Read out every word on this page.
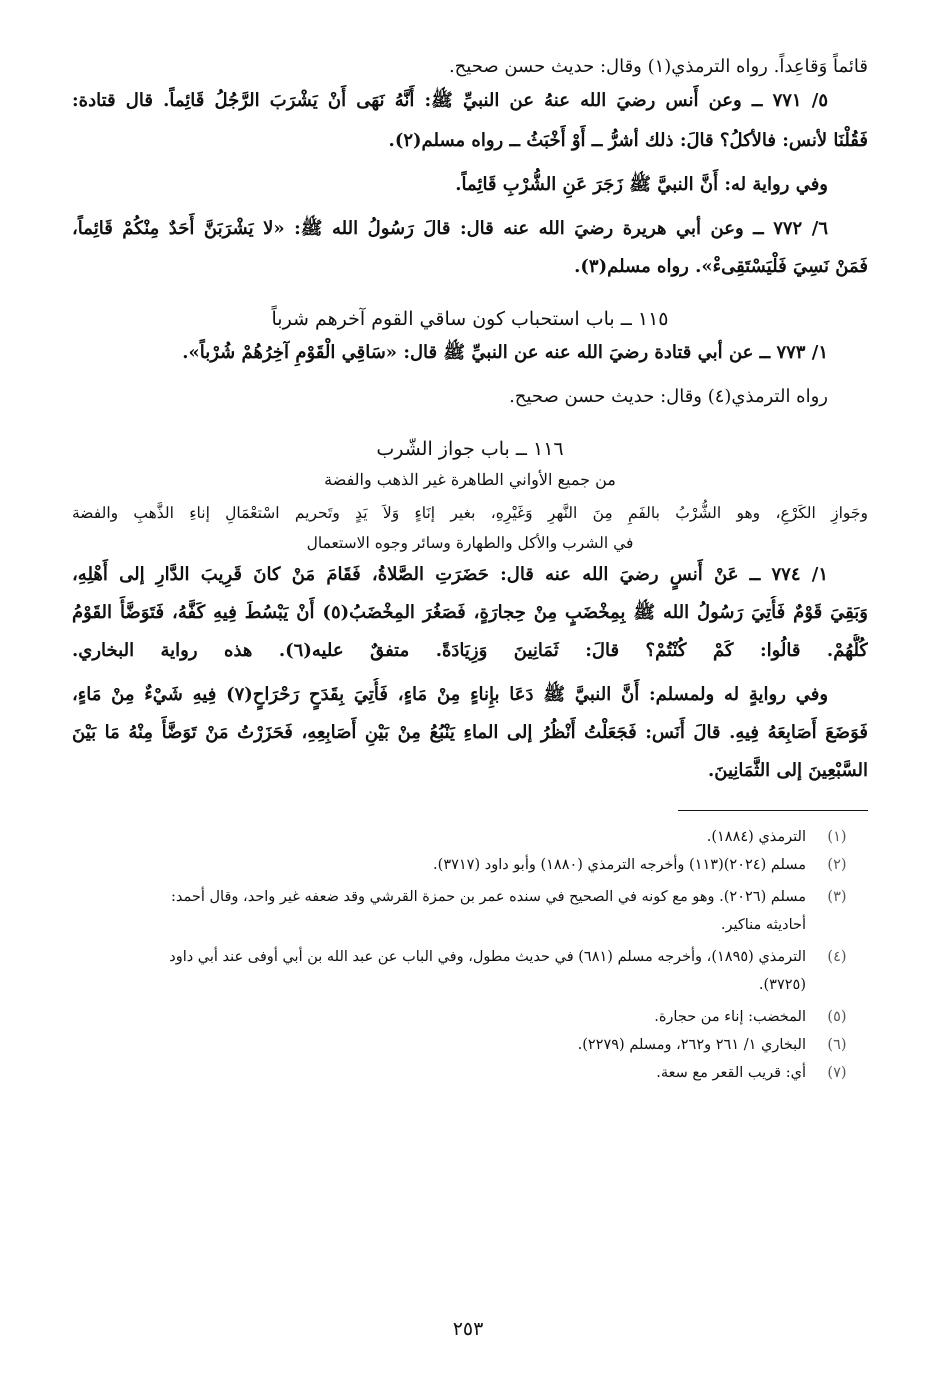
قائماً وَقاعِداً. رواه الترمذي(١) وقال: حديث حسن صحيح.

٥/ ٧٧١ ــ وعن أَنس رضيَ الله عنهُ عن النبيِّ ﷺ: أَنَّهُ نَهَى أَنْ يَشْرَبَ الرَّجُلُ قَائِماً. قال قتادة:

فَقُلْنَا لأنس: فالأكلُ؟ قالَ: ذلك أشرُّ ــ أَوْ أَخْبَثُ ــ رواه مسلم(٢).

وفي رواية له: أَنَّ النبيَّ ﷺ زَجَرَ عَنِ الشُّرْبِ قَائِماً.

٦/ ٧٧٢ ــ وعن أبي هريرة رضيَ الله عنه قال: قالَ رَسُولُ الله ﷺ: «لا يَشْرَبَنَّ أَحَدٌ مِنْكُمْ قَائِماً،

فَمَنْ نَسِيَ فَلْيَسْتَقِىءْ». رواه مسلم(٣).

١١٥ ــ باب استحباب كون ساقي القوم آخرهم شرباً

١/ ٧٧٣ ــ عن أبي قتادة رضيَ الله عنه عن النبيِّ ﷺ قال: «سَاقِي الْقَوْمِ آخِرُهُمْ شُرْباً».

رواه الترمذي(٤) وقال: حديث حسن صحيح.

١١٦ ــ باب جواز الشّرب

من جميع الأواني الطاهرة غير الذهب والفضة

وجَوازِ الكَرْعِ، وهو الشُّرْبُ بالفَمِ مِنَ النَّهرِ وَغَيْرِهِ، بغير إنَاءٍ وَلاَ يَدٍ وتَحريم اسْتعْمَالِ إناءِ الذَّهبِ والفضة

في الشرب والأكل والطهارة وسائر وجوه الاستعمال

١/ ٧٧٤ ــ عَنْ أَنسٍ رضيَ الله عنه قال: حَضَرَتِ الصَّلاةُ، فَقَامَ مَنْ كانَ قَرِيبَ الدَّارِ إلى أَهْلِهِ،

وَبَقِيَ قَوْمٌ فَأُتِيَ رَسُولُ الله ﷺ بِمِخْضَبٍ مِنْ حِجارَةٍ، فَصَغُرَ المِخْضَبُ(٥) أَنْ يَبْسُطَ فِيهِ كَفَّهُ، فَتَوَضَّأَ القَوْمُ

كُلُّهُمْ. قالُوا: كَمْ كُنْتُمْ؟ قالَ: ثَمَانِينَ وَزِيَادَةً. متفقٌ عليه(٦). هذه رواية البخاري.

وفي روايةٍ له ولمسلم: أَنَّ النبيَّ ﷺ دَعَا بإِناءٍ مِنْ مَاءٍ، فَأُتِيَ بِقَدَحٍ رَحْرَاحٍ(٧) فِيهِ شَيْءٌ مِنْ مَاءٍ،

فَوَضَعَ أَصَابِعَهُ فِيهِ. قالَ أَنَس: فَجَعَلْتُ أَنْظُرُ إلى الماءِ يَنْبُعُ مِنْ بَيْنِ أَصَابِعِهِ، فَحَزَرْتُ مَنْ تَوَضَّأَ مِنْهُ مَا بَيْنَ

السَّبْعِينَ إلى الثَّمَانِينَ.

(١)
الترمذي (١٨٨٤).
(٢)
مسلم (٢٠٢٤)(١١٣) وأخرجه الترمذي (١٨٨٠) وأبو داود (٣٧١٧).
(٣)
مسلم (٢٠٢٦). وهو مع كونه في الصحيح في سنده عمر بن حمزة القرشي وقد ضعفه غير واحد، وقال أحمد:
أحاديثه مناكير.
(٤)
الترمذي (١٨٩٥)، وأخرجه مسلم (٦٨١) في حديث مطول، وفي الباب عن عبد الله بن أبي أوفى عند أبي داود
(٣٧٢٥).
(٥)
المخضب: إناء من حجارة.
(٦)
البخاري ١/ ٢٦١ و٢٦٢، ومسلم (٢٢٧٩).
(٧)
أي: قريب القعر مع سعة.
٢٥٣
